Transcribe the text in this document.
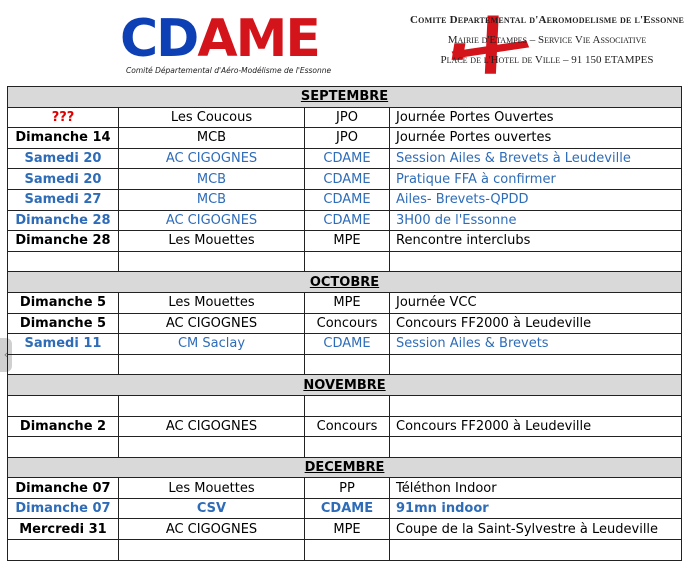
CDAME
Comité Départemental d'Aéro-Modélisme de l'Essonne
Comite Departemental d'Aeromodelisme de l'Essonne
Mairie d'Etampes – Service Vie Associative
Place de l'Hotel de Ville – 91 150 ETAMPES
‹
SEPTEMBRE			
???	Les Coucous	JPO	Journée Portes Ouvertes
Dimanche 14	MCB	JPO	Journée Portes ouvertes
Samedi 20	AC CIGOGNES	CDAME	Session Ailes & Brevets à Leudeville
Samedi 20	MCB	CDAME	Pratique FFA à confirmer
Samedi 27	MCB	CDAME	Ailes- Brevets-QPDD
Dimanche 28	AC CIGOGNES	CDAME	3H00 de l'Essonne
Dimanche 28	Les Mouettes	MPE	Rencontre interclubs

OCTOBRE			
Dimanche 5	Les Mouettes	MPE	Journée VCC
Dimanche 5	AC CIGOGNES	Concours	Concours FF2000 à Leudeville
Samedi 11	CM Saclay	CDAME	Session Ailes & Brevets

NOVEMBRE			

Dimanche 2	AC CIGOGNES	Concours	Concours FF2000 à Leudeville

DECEMBRE			
Dimanche 07	Les Mouettes	PP	Téléthon Indoor
Dimanche 07	CSV	CDAME	91mn indoor
Mercredi 31	AC CIGOGNES	MPE	Coupe de la Saint-Sylvestre à Leudeville
